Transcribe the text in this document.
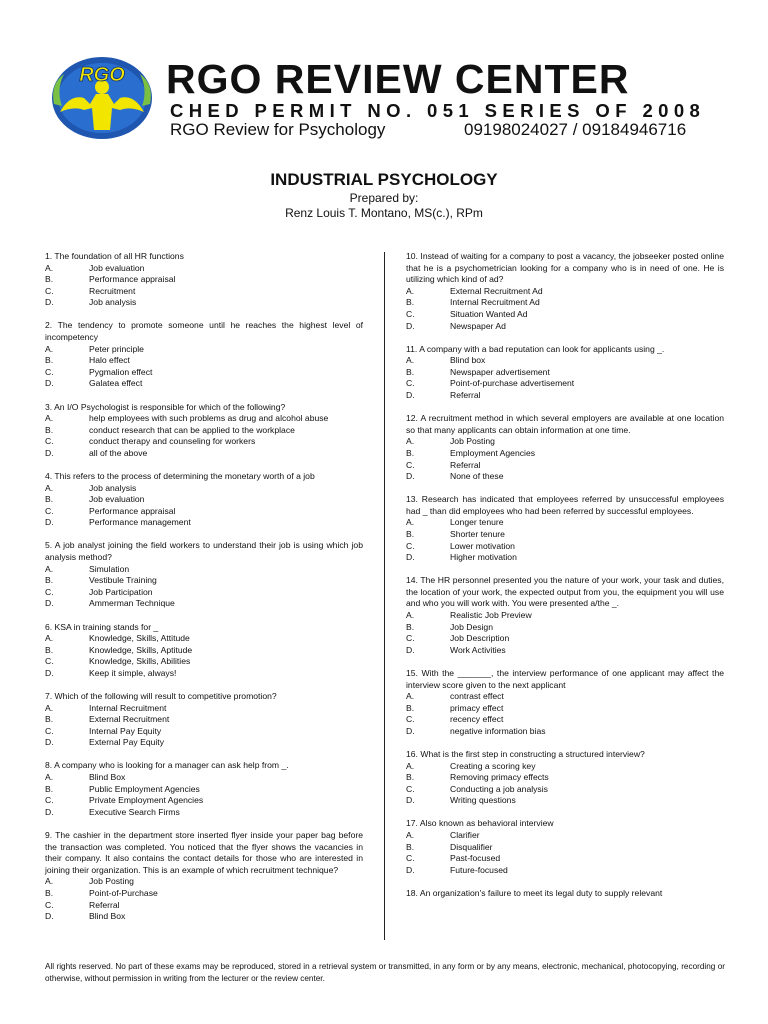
RGO RGO REVIEW CENTER
CHED PERMIT NO. 051 SERIES OF 2008
RGO Review for Psychology	09198024027 / 09184946716
INDUSTRIAL PSYCHOLOGY
Prepared by:
Renz Louis T. Montano, MS(c.), RPm
1. The foundation of all HR functions
A.	Job evaluation
B.	Performance appraisal
C.	Recruitment
D.	Job analysis
2. The tendency to promote someone until he reaches the highest level of incompetency
A.	Peter principle
B.	Halo effect
C.	Pygmalion effect
D.	Galatea effect
3. An I/O Psychologist is responsible for which of the following?
A.	help employees with such problems as drug and alcohol abuse
B.	conduct research that can be applied to the workplace
C.	conduct therapy and counseling for workers
D.	all of the above
4. This refers to the process of determining the monetary worth of a job
A.	Job analysis
B.	Job evaluation
C.	Performance appraisal
D.	Performance management
5. A job analyst joining the field workers to understand their job is using which job analysis method?
A.	Simulation
B.	Vestibule Training
C.	Job Participation
D.	Ammerman Technique
6. KSA in training stands for _
A.	Knowledge, Skills, Attitude
B.	Knowledge, Skills, Aptitude
C.	Knowledge, Skills, Abilities
D.	Keep it simple, always!
7. Which of the following will result to competitive promotion?
A.	Internal Recruitment
B.	External Recruitment
C.	Internal Pay Equity
D.	External Pay Equity
8. A company who is looking for a manager can ask help from _.
A.	Blind Box
B.	Public Employment Agencies
C.	Private Employment Agencies
D.	Executive Search Firms
9. The cashier in the department store inserted flyer inside your paper bag before the transaction was completed. You noticed that the flyer shows the vacancies in their company. It also contains the contact details for those who are interested in joining their organization. This is an example of which recruitment technique?
A.	Job Posting
B.	Point-of-Purchase
C.	Referral
D.	Blind Box
10. Instead of waiting for a company to post a vacancy, the jobseeker posted online that he is a psychometrician looking for a company who is in need of one. He is utilizing which kind of ad?
A.	External Recruitment Ad
B.	Internal Recruitment Ad
C.	Situation Wanted Ad
D.	Newspaper Ad
11. A company with a bad reputation can look for applicants using _.
A.	Blind box
B.	Newspaper advertisement
C.	Point-of-purchase advertisement
D.	Referral
12. A recruitment method in which several employers are available at one location so that many applicants can obtain information at one time.
A.	Job Posting
B.	Employment Agencies
C.	Referral
D.	None of these
13. Research has indicated that employees referred by unsuccessful employees had _ than did employees who had been referred by successful employees.
A.	Longer tenure
B.	Shorter tenure
C.	Lower motivation
D.	Higher motivation
14. The HR personnel presented you the nature of your work, your task and duties, the location of your work, the expected output from you, the equipment you will use and who you will work with. You were presented a/the _.
A.	Realistic Job Preview
B.	Job Design
C.	Job Description
D.	Work Activities
15. With the _______, the interview performance of one applicant may affect the interview score given to the next applicant
A.	contrast effect
B.	primacy effect
C.	recency effect
D.	negative information bias
16. What is the first step in constructing a structured interview?
A.	Creating a scoring key
B.	Removing primacy effects
C.	Conducting a job analysis
D.	Writing questions
17. Also known as behavioral interview
A.	Clarifier
B.	Disqualifier
C.	Past-focused
D.	Future-focused
18. An organization's failure to meet its legal duty to supply relevant
All rights reserved. No part of these exams may be reproduced, stored in a retrieval system or transmitted, in any form or by any means, electronic, mechanical, photocopying, recording or otherwise, without permission in writing from the lecturer or the review center.
